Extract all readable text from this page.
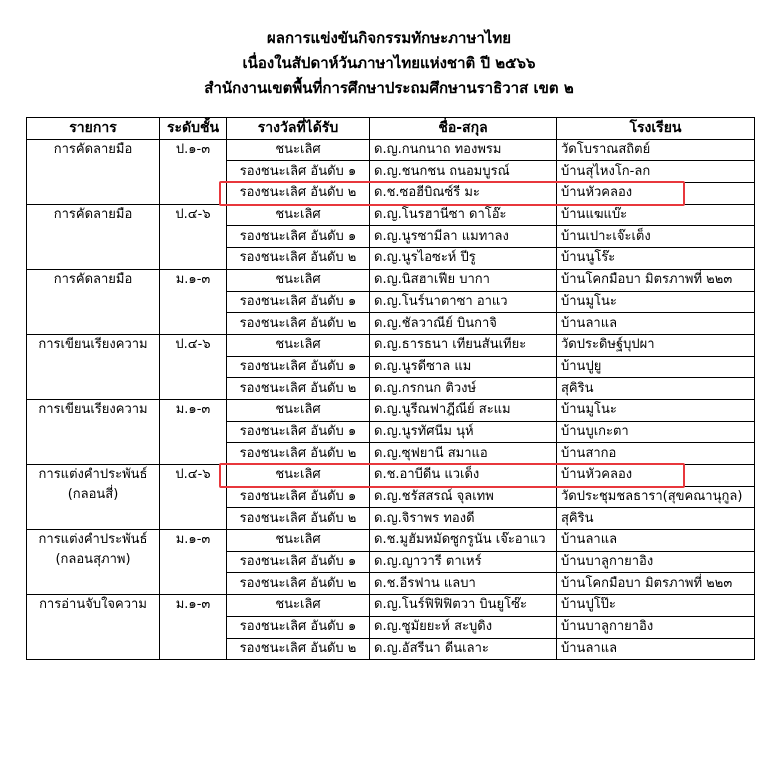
ผลการแข่งขันกิจกรรมทักษะภาษาไทย
เนื่องในสัปดาห์วันภาษาไทยแห่งชาติ ปี ๒๕๖๖
สำนักงานเขตพื้นที่การศึกษาประถมศึกษานราธิวาส เขต ๒
รายการ	ระดับชั้น	รางวัลที่ได้รับ	ชื่อ-สกุล	โรงเรียน

การคัดลายมือ	ป.๑-๓	ชนะเลิศ	ด.ญ.กนกนาถ ทองพรม	วัดโบราณสถิตย์
		รองชนะเลิศ อันดับ ๑	ด.ญ.ชนกชน ถนอมบูรณ์	บ้านสุไหงโก-ลก
		รองชนะเลิศ อันดับ ๒	ด.ช.ซอฮีบิณซ์รี มะ	บ้านหัวคลอง

การคัดลายมือ	ป.๔-๖	ชนะเลิศ	ด.ญ.โนรฮานีซา ดาโอ๊ะ	บ้านแฆแบ๊ะ
		รองชนะเลิศ อันดับ ๑	ด.ญ.นูรซามีลา แมทาลง	บ้านเปาะเจ๊ะเต็ง
		รองชนะเลิศ อันดับ ๒	ด.ญ.นูรไอซะห์ ปีรู	บ้านนูโร๊ะ

การคัดลายมือ	ม.๑-๓	ชนะเลิศ	ด.ญ.นิสฮาเฟีย บากา	บ้านโคกมือบา มิตรภาพที่ ๒๒๓
		รองชนะเลิศ อันดับ ๑	ด.ญ.โนร์นาตาซา อาแว	บ้านมูโนะ
		รองชนะเลิศ อันดับ ๒	ด.ญ.ชัลวาณีย์ บินกาจิ	บ้านลาแล

การเขียนเรียงความ	ป.๔-๖	ชนะเลิศ	ด.ญ.ธารธนา เทียนสันเทียะ	วัดประดิษฐ์บุปผา
		รองชนะเลิศ อันดับ ๑	ด.ญ.นูรดีซาล แม	บ้านปูยู
		รองชนะเลิศ อันดับ ๒	ด.ญ.กรกนก ติวงษ์	สุคิริน

การเขียนเรียงความ	ม.๑-๓	ชนะเลิศ	ด.ญ.นูรีณฟาฎีณีย์ สะแม	บ้านมูโนะ
		รองชนะเลิศ อันดับ ๑	ด.ญ.นูรทัศนีม นุห์	บ้านบูเกะตา
		รองชนะเลิศ อันดับ ๒	ด.ญ.ซุฟยานี สมาแอ	บ้านสากอ

การแต่งคำประพันธ์
(กลอนสี่)	ป.๔-๖	ชนะเลิศ	ด.ช.อาบีดีน แวเด็ง	บ้านหัวคลอง
		รองชนะเลิศ อันดับ ๑	ด.ญ.ชรัสสรณ์ จุลเทพ	วัดประชุมชลธารา(สุขคณานุกูล)
		รองชนะเลิศ อันดับ ๒	ด.ญ.จิราพร ทองดี	สุคิริน

การแต่งคำประพันธ์
(กลอนสุภาพ)	ม.๑-๓	ชนะเลิศ	ด.ช.มูฮัมหมัดซูกรูนัน เจ๊ะอาแว	บ้านลาแล
		รองชนะเลิศ อันดับ ๑	ด.ญ.ญาวารี ตาเหร์	บ้านบาลูกายาอิง
		รองชนะเลิศ อันดับ ๒	ด.ช.อีรฟาน แลบา	บ้านโคกมือบา มิตรภาพที่ ๒๒๓

การอ่านจับใจความ	ม.๑-๓	ชนะเลิศ	ด.ญ.โนร์ฟิฟิฟิตวา บินยูโซ๊ะ	บ้านปูโป๊ะ
		รองชนะเลิศ อันดับ ๑	ด.ญ.ซูมัยยะห์ สะบูดิง	บ้านบาลูกายาอิง
		รองชนะเลิศ อันดับ ๒	ด.ญ.อัสรีนา ดีนเลาะ	บ้านลาแล
